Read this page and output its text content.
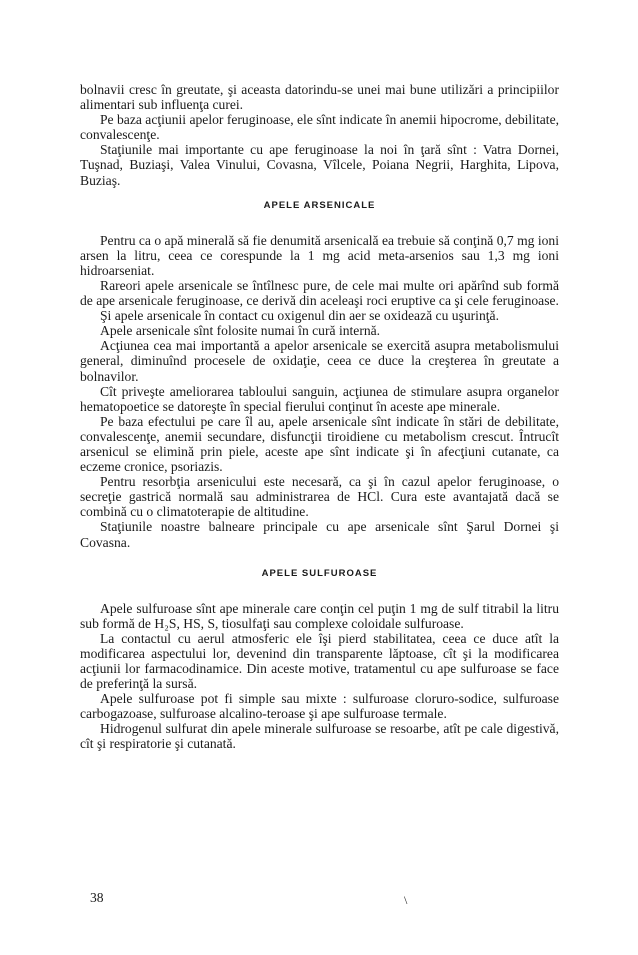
bolnavii cresc în greutate, şi aceasta datorindu-se unei mai bune utilizări a principiilor alimentari sub influenţa curei.

Pe baza acţiunii apelor feruginoase, ele sînt indicate în anemii hipocrome, debilitate, convalescenţe.

Staţiunile mai importante cu ape feruginoase la noi în ţară sînt : Vatra Dornei, Tuşnad, Buziaşi, Valea Vinului, Covasna, Vîlcele, Poiana Negrii, Harghita, Lipova, Buziaş.

APELE ARSENICALE

Pentru ca o apă minerală să fie denumită arsenicală ea trebuie să conţină 0,7 mg ioni arsen la litru, ceea ce corespunde la 1 mg acid meta-arsenios sau 1,3 mg ioni hidroarseniat.

Rareori apele arsenicale se întîlnesc pure, de cele mai multe ori apărînd sub formă de ape arsenicale feruginoase, ce derivă din aceleaşi roci eruptive ca şi cele feruginoase.

Şi apele arsenicale în contact cu oxigenul din aer se oxidează cu uşurinţă.

Apele arsenicale sînt folosite numai în cură internă.

Acţiunea cea mai importantă a apelor arsenicale se exercită asupra metabolismului general, diminuînd procesele de oxidaţie, ceea ce duce la creşterea în greutate a bolnavilor.

Cît priveşte ameliorarea tabloului sanguin, acţiunea de stimulare asupra organelor hematopoetice se datoreşte în special fierului conţinut în aceste ape minerale.

Pe baza efectului pe care îl au, apele arsenicale sînt indicate în stări de debilitate, convalescenţe, anemii secundare, disfuncţii tiroidiene cu metabolism crescut. Întrucît arsenicul se elimină prin piele, aceste ape sînt indicate şi în afecţiuni cutanate, ca eczeme cronice, psoriazis.

Pentru resorbţia arsenicului este necesară, ca şi în cazul apelor feruginoase, o secreţie gastrică normală sau administrarea de HCl. Cura este avantajată dacă se combină cu o climatoterapie de altitudine.

Staţiunile noastre balneare principale cu ape arsenicale sînt Şarul Dornei şi Covasna.

APELE SULFUROASE

Apele sulfuroase sînt ape minerale care conţin cel puţin 1 mg de sulf titrabil la litru sub formă de H₂S, HS, S, tiosulfaţi sau complexe coloidale sulfuroase.

La contactul cu aerul atmosferic ele îşi pierd stabilitatea, ceea ce duce atît la modificarea aspectului lor, devenind din transparente lăptoase, cît şi la modificarea acţiunii lor farmacodinamice. Din aceste motive, tratamentul cu ape sulfuroase se face de preferinţă la sursă.

Apele sulfuroase pot fi simple sau mixte : sulfuroase cloruro-sodice, sulfuroase carbogazoase, sulfuroase alcalino-teroase şi ape sulfuroase termale.

Hidrogenul sulfurat din apele minerale sulfuroase se resoarbe, atît pe cale digestivă, cît şi respiratorie şi cutanată.

38	\
